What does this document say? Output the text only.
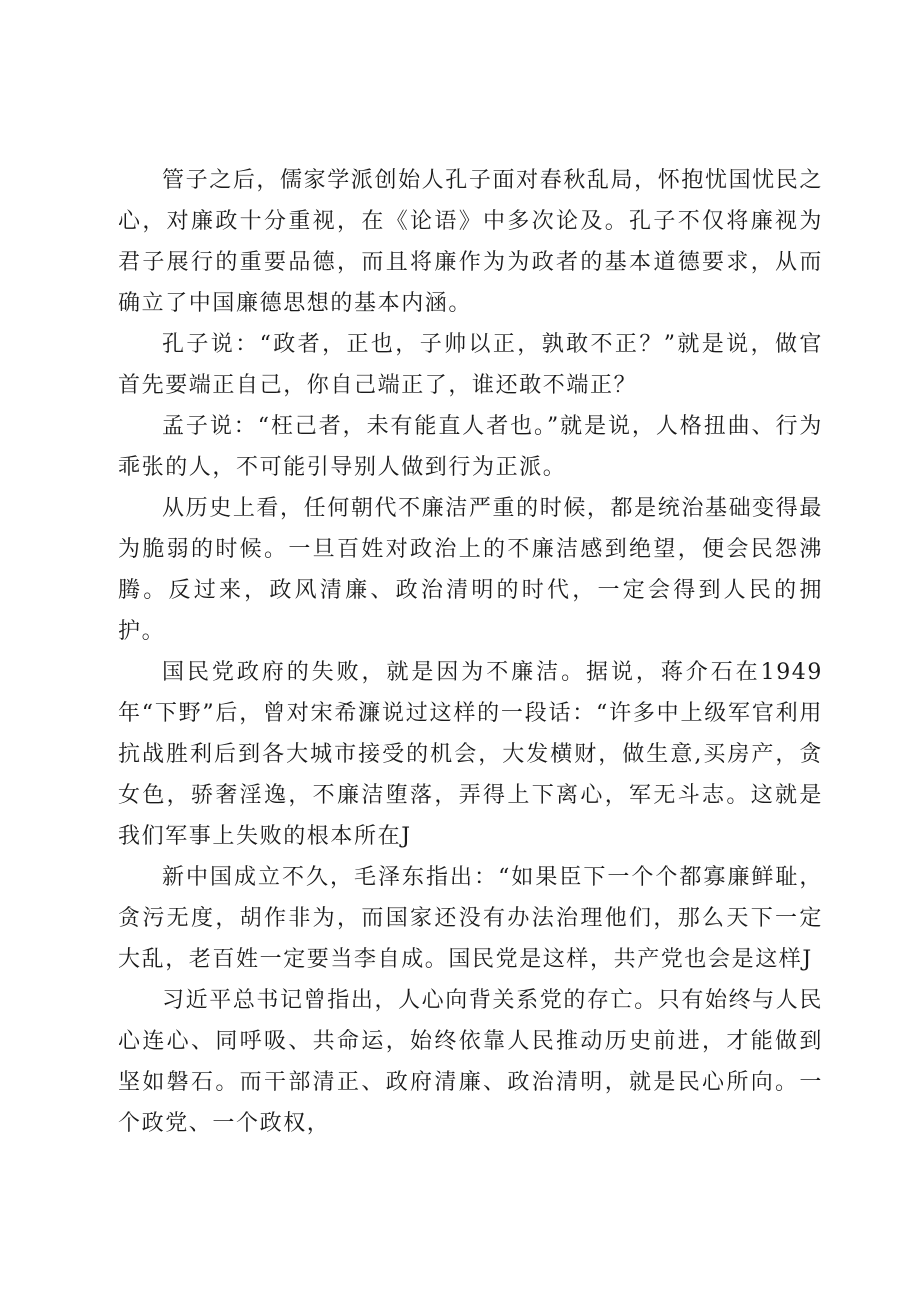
管子之后，儒家学派创始人孔子面对春秋乱局，怀抱忧国忧民之心，对廉政十分重视，在《论语》中多次论及。孔子不仅将廉视为君子展行的重要品德，而且将廉作为为政者的基本道德要求，从而确立了中国廉德思想的基本内涵。

孔子说：“政者，正也，子帅以正，孰敢不正？”就是说，做官首先要端正自己，你自己端正了，谁还敢不端正？

孟子说：“枉己者，未有能直人者也。”就是说，人格扭曲、行为乖张的人，不可能引导别人做到行为正派。

从历史上看，任何朝代不廉洁严重的时候，都是统治基础变得最为脆弱的时候。一旦百姓对政治上的不廉洁感到绝望，便会民怨沸腾。反过来，政风清廉、政治清明的时代，一定会得到人民的拥护。

国民党政府的失败，就是因为不廉洁。据说，蒋介石在1949年“下野”后，曾对宋希濂说过这样的一段话：“许多中上级军官利用抗战胜利后到各大城市接受的机会，大发横财，做生意,买房产，贪女色，骄奢淫逸，不廉洁堕落，弄得上下离心，军无斗志。这就是我们军事上失败的根本所在J

新中国成立不久，毛泽东指出：“如果臣下一个个都寡廉鲜耻，贪污无度，胡作非为，而国家还没有办法治理他们，那么天下一定大乱，老百姓一定要当李自成。国民党是这样，共产党也会是这样J

习近平总书记曾指出，人心向背关系党的存亡。只有始终与人民心连心、同呼吸、共命运，始终依靠人民推动历史前进，才能做到坚如磐石。而干部清正、政府清廉、政治清明，就是民心所向。一个政党、一个政权，
